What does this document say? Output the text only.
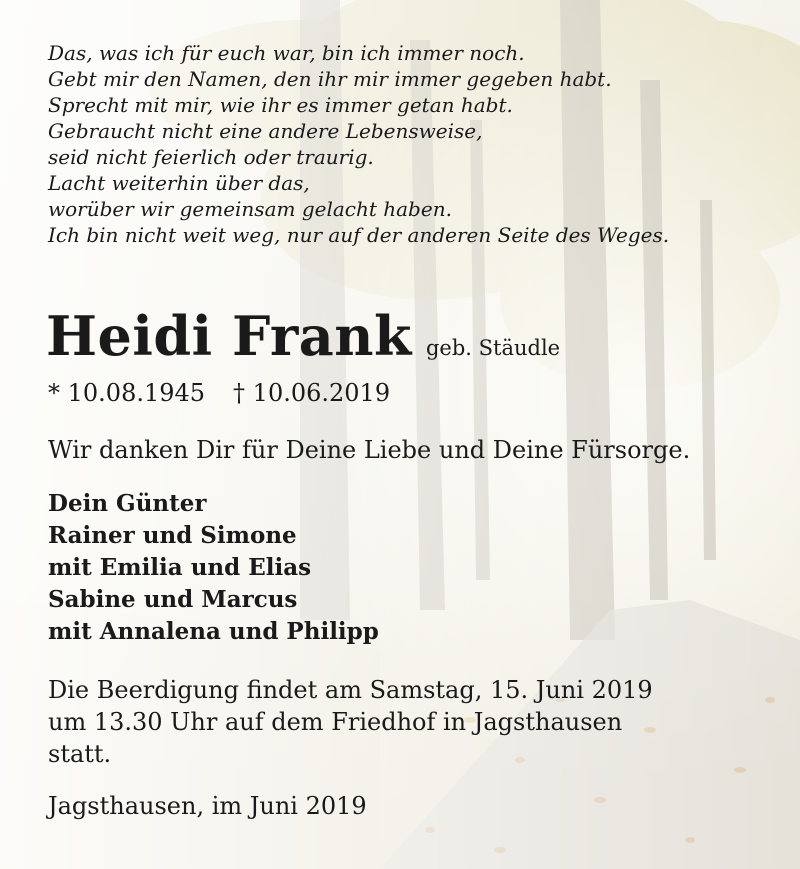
Das, was ich für euch war, bin ich immer noch.
Gebt mir den Namen, den ihr mir immer gegeben habt.
Sprecht mit mir, wie ihr es immer getan habt.
Gebraucht nicht eine andere Lebensweise,
seid nicht feierlich oder traurig.
Lacht weiterhin über das,
worüber wir gemeinsam gelacht haben.
Ich bin nicht weit weg, nur auf der anderen Seite des Weges.
Heidi Frank geb. Stäudle
* 10.08.1945 † 10.06.2019
Wir danken Dir für Deine Liebe und Deine Fürsorge.
Dein Günter
Rainer und Simone
mit Emilia und Elias
Sabine und Marcus
mit Annalena und Philipp
Die Beerdigung findet am Samstag, 15. Juni 2019
um 13.30 Uhr auf dem Friedhof in Jagsthausen
statt.
Jagsthausen, im Juni 2019
